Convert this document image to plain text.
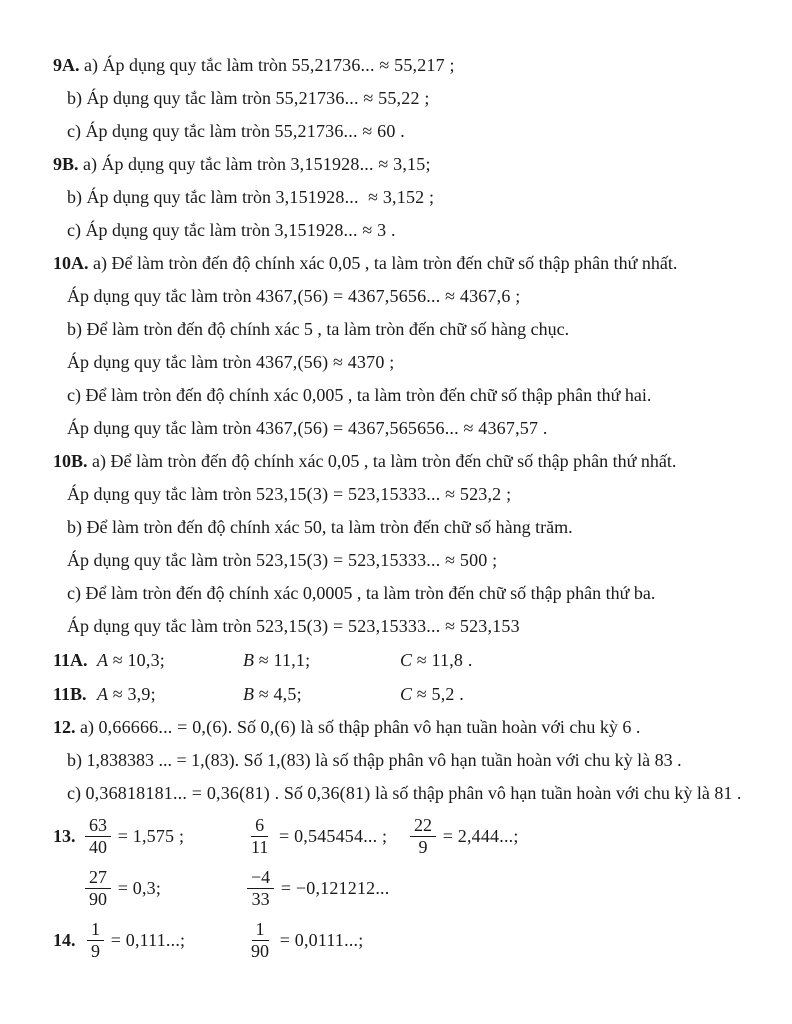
9A. a) Áp dụng quy tắc làm tròn 55,21736... ≈ 55,217 ;
b) Áp dụng quy tắc làm tròn 55,21736... ≈ 55,22 ;
c) Áp dụng quy tắc làm tròn 55,21736... ≈ 60 .
9B. a) Áp dụng quy tắc làm tròn 3,151928... ≈ 3,15;
b) Áp dụng quy tắc làm tròn 3,151928...  ≈ 3,152 ;
c) Áp dụng quy tắc làm tròn 3,151928... ≈ 3 .
10A. a) Để làm tròn đến độ chính xác 0,05 , ta làm tròn đến chữ số thập phân thứ nhất.
Áp dụng quy tắc làm tròn 4367,(56) = 4367,5656... ≈ 4367,6 ;
b) Để làm tròn đến độ chính xác 5 , ta làm tròn đến chữ số hàng chục.
Áp dụng quy tắc làm tròn 4367,(56) ≈ 4370 ;
c) Để làm tròn đến độ chính xác 0,005 , ta làm tròn đến chữ số thập phân thứ hai.
Áp dụng quy tắc làm tròn 4367,(56) = 4367,565656... ≈ 4367,57 .
10B. a) Để làm tròn đến độ chính xác 0,05 , ta làm tròn đến chữ số thập phân thứ nhất.
Áp dụng quy tắc làm tròn 523,15(3) = 523,15333... ≈ 523,2 ;
b) Để làm tròn đến độ chính xác 50, ta làm tròn đến chữ số hàng trăm.
Áp dụng quy tắc làm tròn 523,15(3) = 523,15333... ≈ 500 ;
c) Để làm tròn đến độ chính xác 0,0005 , ta làm tròn đến chữ số thập phân thứ ba.
Áp dụng quy tắc làm tròn 523,15(3) = 523,15333... ≈ 523,153
11A. A ≈ 10,3;	B ≈ 11,1;	C ≈ 11,8 .
11B. A ≈ 3,9;	B ≈ 4,5;	C ≈ 5,2 .
12. a) 0,66666... = 0,(6). Số 0,(6) là số thập phân vô hạn tuần hoàn với chu kỳ 6 .
b) 1,838383 ... = 1,(83). Số 1,(83) là số thập phân vô hạn tuần hoàn với chu kỳ là 83 .
c) 0,36818181... = 0,36(81) . Số 0,36(81) là số thập phân vô hạn tuần hoàn với chu kỳ là 81 .
13. $\frac{63}{40} = 1,575$ ;	$\frac{6}{11} = 0,545454$... ; $\frac{22}{9} = 2,444$...;
$\frac{27}{90} = 0,3$;	$\frac{-4}{33} = -0,121212$...
14. $\frac{1}{9} = 0,111$...;	$\frac{1}{90} = 0,0111$...;
